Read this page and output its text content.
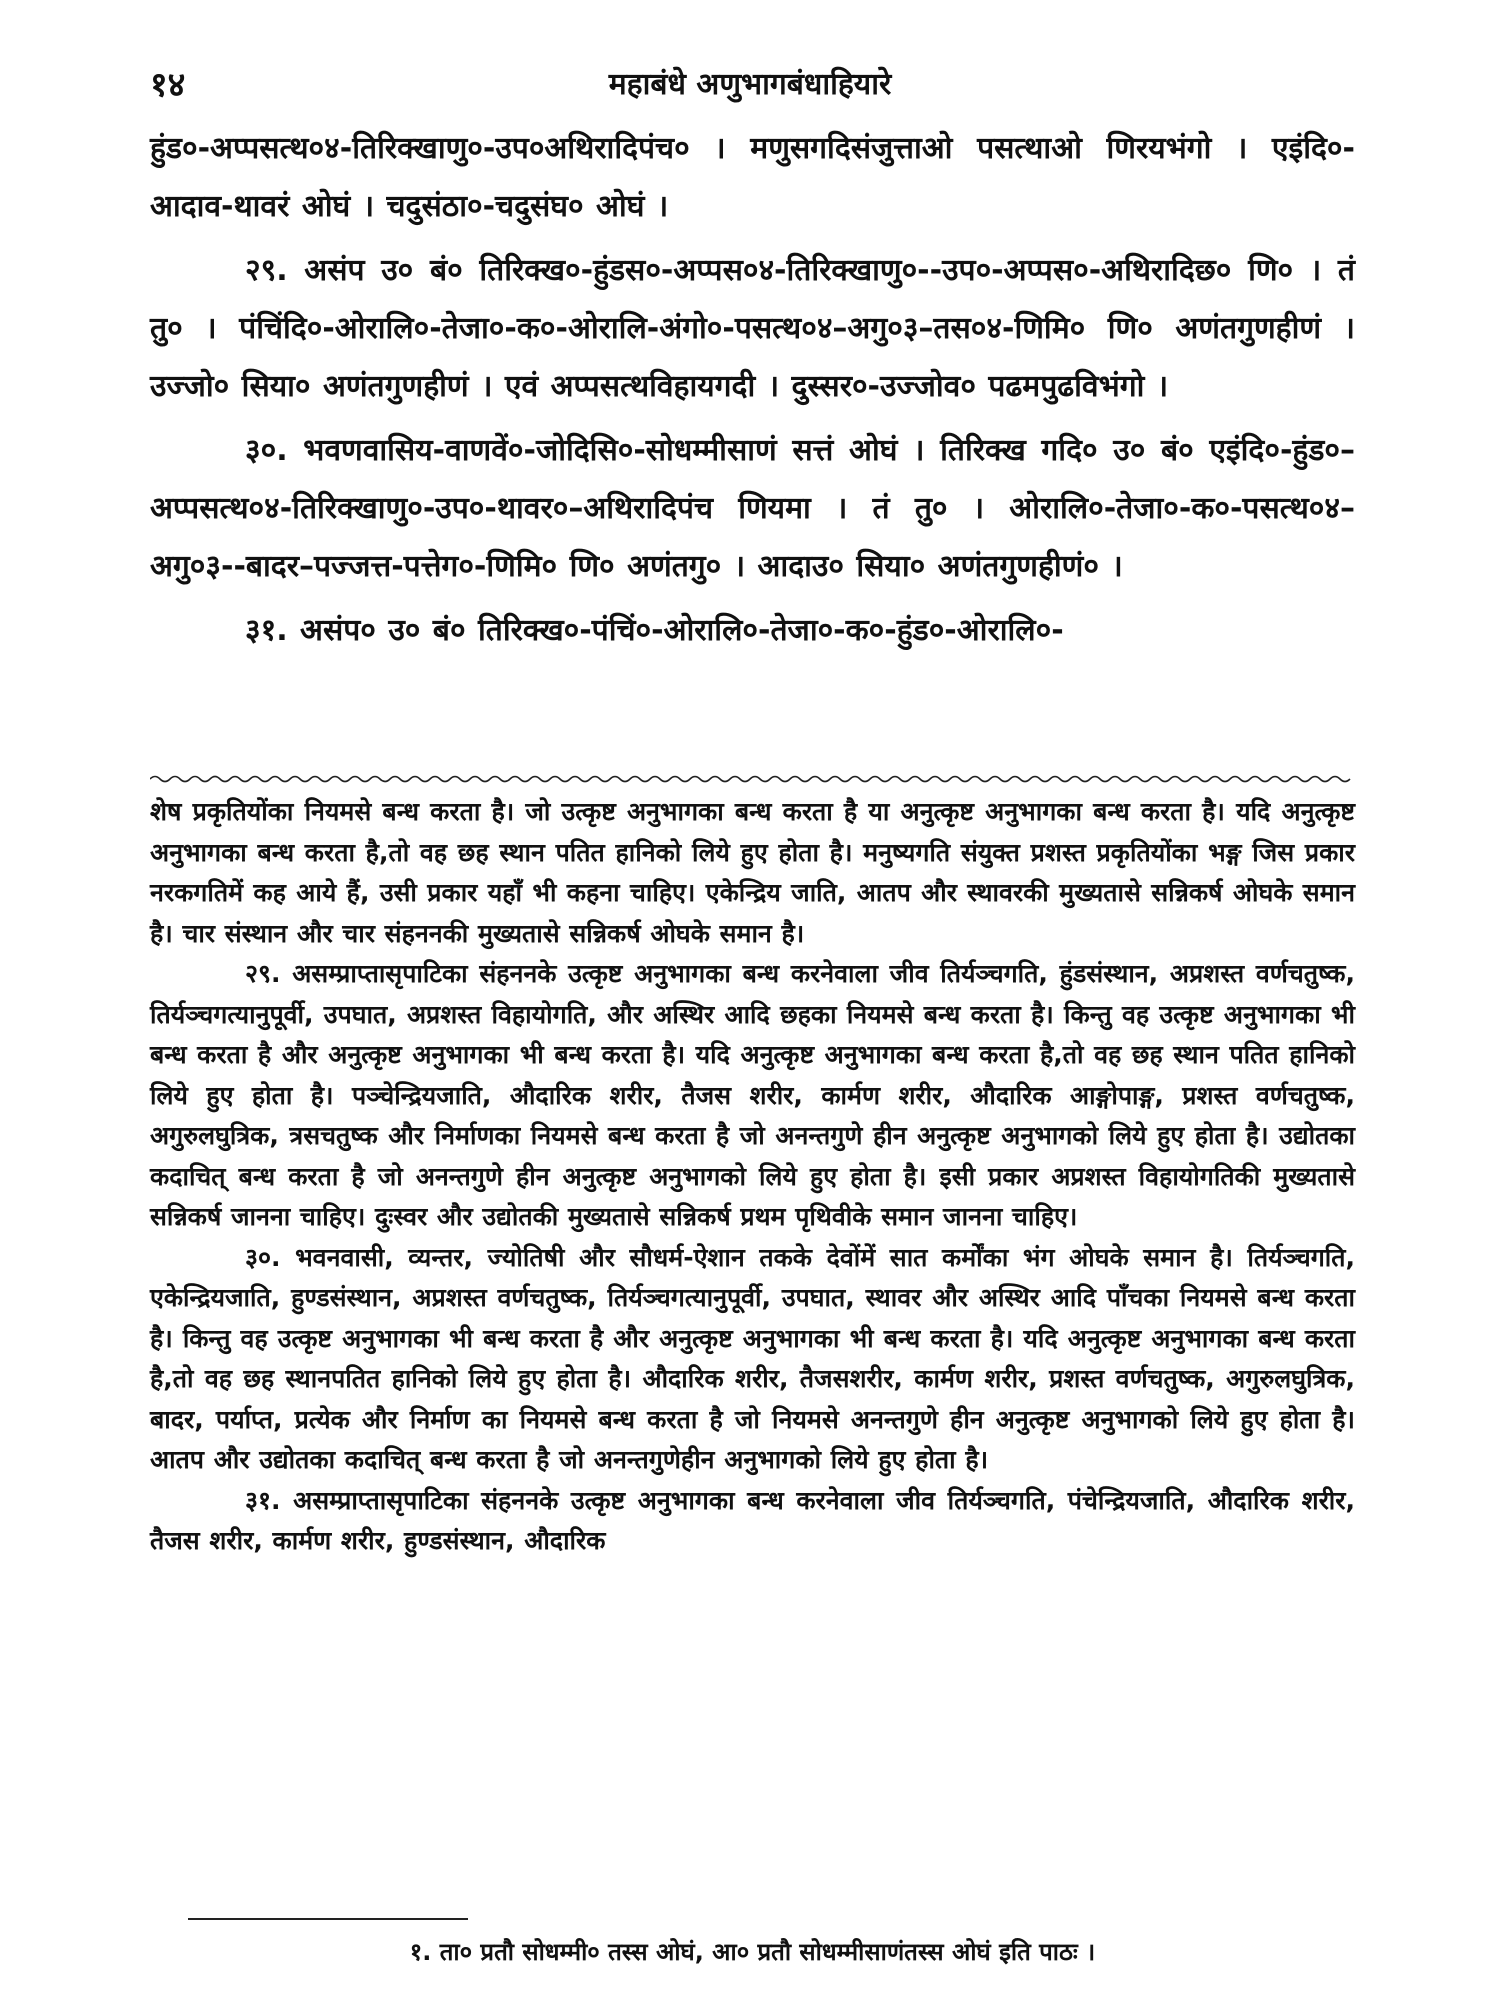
१४	महाबंधे अणुभागबंधाहियारे

हुंड०-अप्पसत्थ०४-तिरिक्खाणु०-उप०अथिरादिपंच० । मणुसगदिसंजुत्ताओ पसत्थाओ णिरयभंगो । एइंदि०-आदाव-थावरं ओघं । चदुसंठा०-चदुसंघ० ओघं ।

२९. असंप उ० बं० तिरिक्ख०-हुंडस०-अप्पस०४-तिरिक्खाणु०--उप०-अप्पस०-अथिरादिछ० णि० । तं तु० । पंचिंदि०-ओरालि०-तेजा०-क०-ओरालि-अंगो०-पसत्थ०४–अगु०३–तस०४-णिमि० णि० अणंतगुणहीणं । उज्जो० सिया० अणंतगुणहीणं । एवं अप्पसत्थविहायगदी । दुस्सर०-उज्जोव० पढमपुढविभंगो ।

३०. भवणवासिय-वाणवें०-जोदिसि०-सोधम्मीसाणं सत्तं ओघं । तिरिक्ख गदि० उ० बं० एइंदि०-हुंड०–अप्पसत्थ०४-तिरिक्खाणु०-उप०-थावर०–अथिरादिपंच णियमा । तं तु० । ओरालि०-तेजा०-क०-पसत्थ०४–अगु०३--बादर–पज्जत्त-पत्तेग०-णिमि० णि० अणंतगु० । आदाउ० सिया० अणंतगुणहीणं० ।

३१. असंप० उ० बं० तिरिक्ख०-पंचिं०-ओरालि०-तेजा०-क०-हुंड०-ओरालि०-

शेष प्रकृतियोंका नियमसे बन्ध करता है। जो उत्कृष्ट अनुभागका बन्ध करता है या अनुत्कृष्ट अनुभागका बन्ध करता है। यदि अनुत्कृष्ट अनुभागका बन्ध करता है,तो वह छह स्थान पतित हानिको लिये हुए होता है। मनुष्यगति संयुक्त प्रशस्त प्रकृतियोंका भङ्ग जिस प्रकार नरकगतिमें कह आये हैं, उसी प्रकार यहाँ भी कहना चाहिए। एकेन्द्रिय जाति, आतप और स्थावरकी मुख्यतासे सन्निकर्ष ओघके समान है। चार संस्थान और चार संहननकी मुख्यतासे सन्निकर्ष ओघके समान है।

२९. असम्प्राप्तासृपाटिका संहननके उत्कृष्ट अनुभागका बन्ध करनेवाला जीव तिर्यञ्चगति, हुंडसंस्थान, अप्रशस्त वर्णचतुष्क, तिर्यञ्चगत्यानुपूर्वी, उपघात, अप्रशस्त विहायोगति, और अस्थिर आदि छहका नियमसे बन्ध करता है। किन्तु वह उत्कृष्ट अनुभागका भी बन्ध करता है और अनुत्कृष्ट अनुभागका भी बन्ध करता है। यदि अनुत्कृष्ट अनुभागका बन्ध करता है,तो वह छह स्थान पतित हानिको लिये हुए होता है। पञ्चेन्द्रियजाति, औदारिक शरीर, तैजस शरीर, कार्मण शरीर, औदारिक आङ्गोपाङ्ग, प्रशस्त वर्णचतुष्क, अगुरुलघुत्रिक, त्रसचतुष्क और निर्माणका नियमसे बन्ध करता है जो अनन्तगुणे हीन अनुत्कृष्ट अनुभागको लिये हुए होता है। उद्योतका कदाचित् बन्ध करता है जो अनन्तगुणे हीन अनुत्कृष्ट अनुभागको लिये हुए होता है। इसी प्रकार अप्रशस्त विहायोगतिकी मुख्यतासे सन्निकर्ष जानना चाहिए। दुःस्वर और उद्योतकी मुख्यतासे सन्निकर्ष प्रथम पृथिवीके समान जानना चाहिए।

३०. भवनवासी, व्यन्तर, ज्योतिषी और सौधर्म-ऐशान तकके देवोंमें सात कर्मोंका भंग ओघके समान है। तिर्यञ्चगति, एकेन्द्रियजाति, हुण्डसंस्थान, अप्रशस्त वर्णचतुष्क, तिर्यञ्चगत्यानुपूर्वी, उपघात, स्थावर और अस्थिर आदि पाँचका नियमसे बन्ध करता है। किन्तु वह उत्कृष्ट अनुभागका भी बन्ध करता है और अनुत्कृष्ट अनुभागका भी बन्ध करता है। यदि अनुत्कृष्ट अनुभागका बन्ध करता है,तो वह छह स्थानपतित हानिको लिये हुए होता है। औदारिक शरीर, तैजसशरीर, कार्मण शरीर, प्रशस्त वर्णचतुष्क, अगुरुलघुत्रिक, बादर, पर्याप्त, प्रत्येक और निर्माण का नियमसे बन्ध करता है जो नियमसे अनन्तगुणे हीन अनुत्कृष्ट अनुभागको लिये हुए होता है। आतप और उद्योतका कदाचित् बन्ध करता है जो अनन्तगुणेहीन अनुभागको लिये हुए होता है।

३१. असम्प्राप्तासृपाटिका संहननके उत्कृष्ट अनुभागका बन्ध करनेवाला जीव तिर्यञ्चगति, पंचेन्द्रियजाति, औदारिक शरीर, तैजस शरीर, कार्मण शरीर, हुण्डसंस्थान, औदारिक

१. ता० प्रतौ सोधम्मी० तस्स ओघं, आ० प्रतौ सोधम्मीसाणंतस्स ओघं इति पाठः ।
